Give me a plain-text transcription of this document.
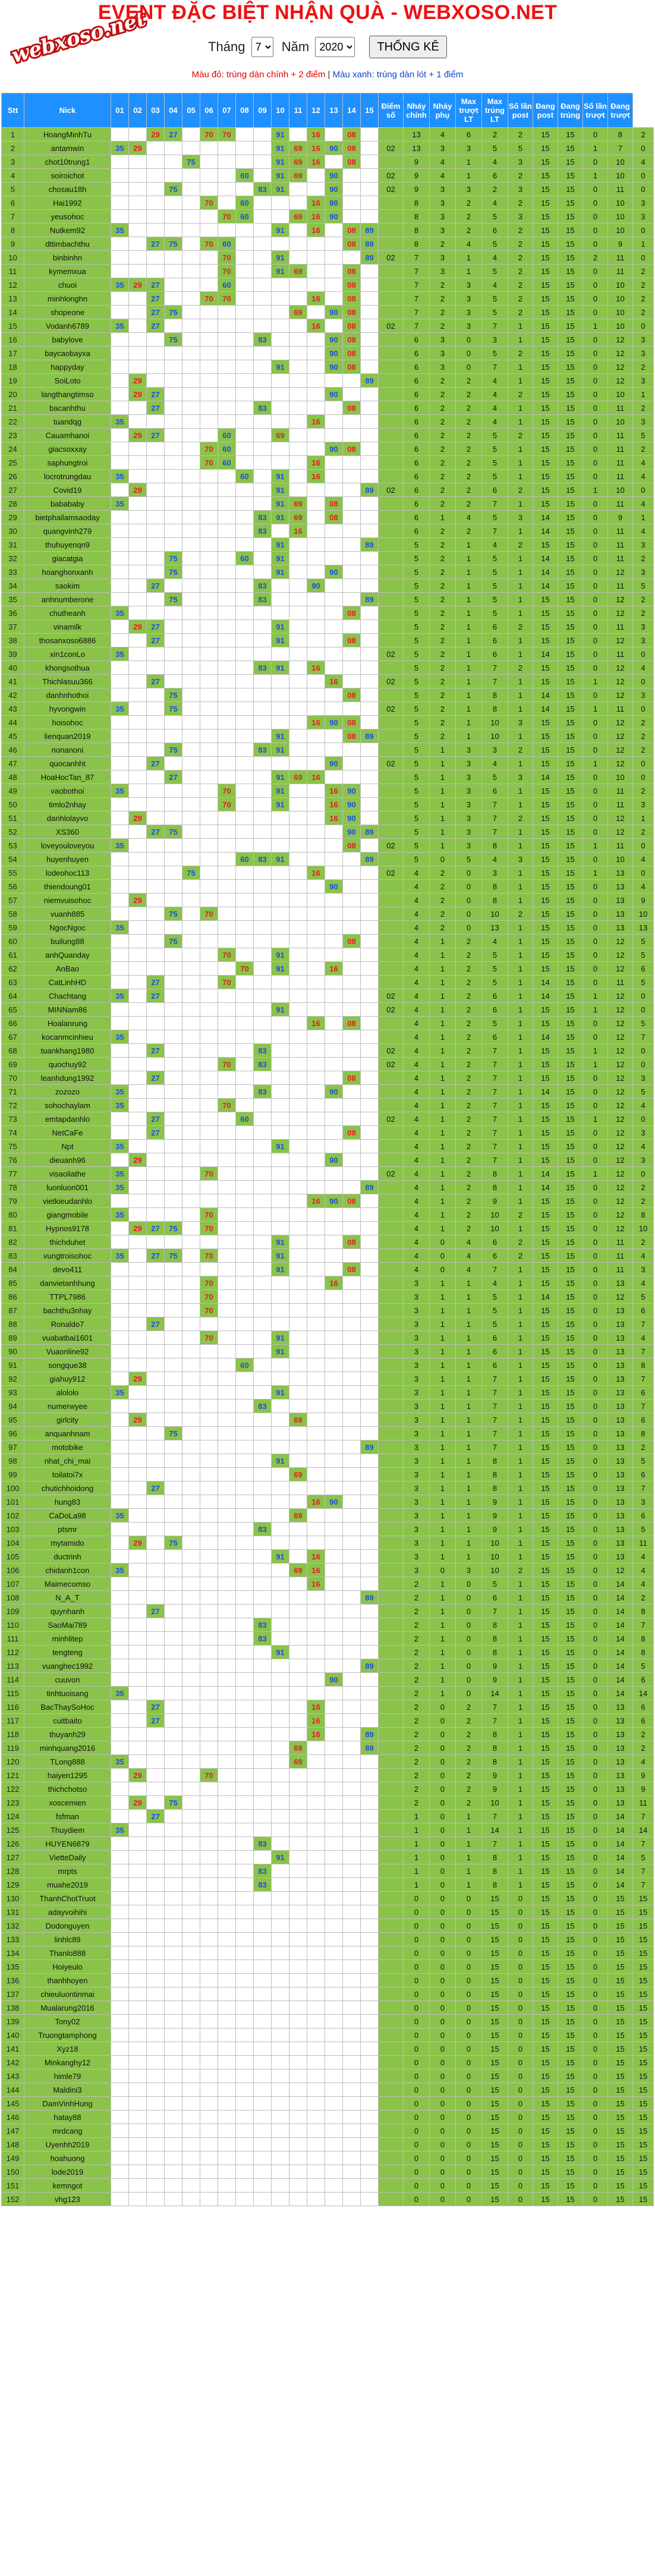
webxoso.net
EVENT ĐẶC BIỆT NHẬN QUÀ - WEBXOSO.NET
Tháng
7	Năm
2020	THỐNG KÊ
Màu đỏ: trúng dàn chính + 2 điểm | Màu xanh: trúng dàn lót + 1 điểm
Stt	Nick	01	02	03	04	05	06	07	08	09	10	11	12	13	14	15	Điểm số	Nháy chính	Nháy phụ	Max trượt LT	Max trúng LT	Số lần post	Đang post	Đang trúng	Số lần trượt	Đang trượt	
1	HoangMinhTu			29	27		70	70			91		16		08			13	4	6	2	2	15	15	0	8	2
2	antamwin	35	29								91	69	16	90	08		02	13	3	3	5	5	15	15	1	7	0
3	chot10trung1					75					91	69	16		08			9	4	1	4	3	15	15	0	10	4
4	soiroichot								60		91	69		90			02	9	4	1	6	2	15	15	1	10	0
5	chosau18h				75					83	91			90			02	9	3	3	2	3	15	15	0	11	0
6	Hai1992						70		60				16	90				8	3	2	4	2	15	15	0	10	3
7	yeusohoc							70	60			69	16	90				8	3	2	5	3	15	15	0	10	3
8	Nutkem92	35									91		16		08	89		8	3	2	6	2	15	15	0	10	0
9	dttimbachthu			27	75		70	60							08	89		8	2	4	5	2	15	15	0	9	1
10	binbinhn							70			91					89	02	7	3	1	4	2	15	15	2	11	0
11	kymemxua							70			91	69			08			7	3	1	5	2	15	15	0	11	2
12	chuoi	35	29	27				60							08			7	2	3	4	2	15	15	0	10	2
13	minhlonghn			27			70	70					16		08			7	2	3	5	2	15	15	0	10	2
14	shopeone			27	75							69		90	08			7	2	3	5	2	15	15	0	10	2
15	Vodanh6789	35		27									16		08		02	7	2	3	7	1	15	15	1	10	0
16	babylove				75					83				90	08			6	3	0	3	1	15	15	0	12	3
17	baycaobayxa													90	08			6	3	0	5	2	15	15	0	12	3
18	happyday										91			90	08			6	3	0	7	1	15	15	0	12	2
19	SoiLoto		29													89		6	2	2	4	1	15	15	0	12	3
20	langthangtimso		29	27										90				6	2	2	4	2	15	15	0	10	1
21	bacanhthu			27						83					08			6	2	2	4	1	15	15	0	11	2
22	tuandqg	35											16					6	2	2	4	1	15	15	0	10	3
23	Cauamhanoi		29	27				60			69							6	2	2	5	2	15	15	0	11	5
24	giacsoxxay						70	60						90	08			6	2	2	5	1	15	15	0	11	2
25	saphungtroi						70	60					16					6	2	2	5	1	15	15	0	11	4
26	locrotrungdau	35							60		91		16					6	2	2	5	1	15	15	0	11	4
27	Covid19		29								91					89	02	6	2	2	6	2	15	15	1	10	0
28	babababy	35									91	69		08				6	2	2	7	1	15	15	0	11	4
29	bietphailamsaoday									83	91	69		08				6	1	4	5	3	14	15	0	9	1
30	quangvinh279									83		16						6	2	2	7	1	14	15	0	11	4
31	thuhuyenqn9										91					89		5	2	1	4	2	15	15	0	11	3
32	giacatgia				75				60		91							5	2	1	5	1	14	15	0	11	2
33	hoanghonxanh				75						91			90				5	2	1	5	1	14	15	0	12	3
34	saokim			27						83			90					5	2	1	5	1	14	15	0	11	5
35	anhnumberone				75					83						89		5	2	1	5	1	15	15	0	12	2
36	chutheanh	35													08			5	2	1	5	1	15	15	0	12	2
37	vinamilk		29	27							91							5	2	1	6	2	15	15	0	11	3
38	thosanxoso6886			27							91				08			5	2	1	6	1	15	15	0	12	3
39	xin1conLo	35															02	5	2	1	6	1	14	15	0	11	0
40	khongsothua									83	91		16					5	2	1	7	2	15	15	0	12	4
41	Thichlasuu366			27										16			02	5	2	1	7	1	15	15	1	12	0
42	danhnhothoi				75										08			5	2	1	8	1	14	15	0	12	3
43	hyvongwin	35			75												02	5	2	1	8	1	14	15	1	11	0
44	hoisohoc												16	90	08			5	2	1	10	3	15	15	0	12	2
45	lienquan2019										91				08	89		5	2	1	10	1	15	15	0	12	2
46	nonanoni				75					83	91							5	1	3	3	2	15	15	0	12	2
47	quocanhht			27										90			02	5	1	3	4	1	15	15	1	12	0
48	HoaHocTan_87				27						91	69	16					5	1	3	5	3	14	15	0	10	0
49	vaobothoi	35						70			91			16	90			5	1	3	6	1	15	15	0	11	2
50	timlo2nhay							70			91			16	90			5	1	3	7	1	15	15	0	11	3
51	danhlolayvo		29											16	90			5	1	3	7	2	15	15	0	12	1
52	XS360			27	75										90	89		5	1	3	7	1	15	15	0	12	2
53	loveyouloveyou	35													08		02	5	1	3	8	1	15	15	1	11	0
54	huyenhuyen								60	83	91					89		5	0	5	4	3	15	15	0	10	4
55	lodeohoc113					75							16				02	4	2	0	3	1	15	15	1	13	0
56	thiendoung01													90				4	2	0	8	1	15	15	0	13	4
57	niemvuisohoc		29															4	2	0	8	1	15	15	0	13	9
58	vuanh885				75		70											4	2	0	10	2	15	15	0	13	10
59	NgocNgoc	35																4	2	0	13	1	15	15	0	13	13
60	builung88				75										08			4	1	2	4	1	15	15	0	12	5
61	anhQuanday							70			91							4	1	2	5	1	15	15	0	12	5
62	AnBao								70		91			16				4	1	2	5	1	15	15	0	12	6
63	CatLinhHD			27				70										4	1	2	5	1	14	15	0	11	5
64	Chachtang	35		27													02	4	1	2	6	1	14	15	1	12	0
65	MINNam86										91						02	4	1	2	6	1	15	15	1	12	0
66	Hoalanrung												16		08			4	1	2	5	1	15	15	0	12	5
67	kocanmcinhieu	35																4	1	2	6	1	14	15	0	12	7
68	tuankhang1980			27						83							02	4	1	2	7	1	15	15	1	12	0
69	quochuy92							70		83							02	4	1	2	7	1	15	15	1	12	0
70	leanhdung1992			27											08			4	1	2	7	1	15	15	0	12	3
71	zozozo	35								83				90				4	1	2	7	1	14	15	0	12	5
72	sohochaylam	35						70										4	1	2	7	1	15	15	0	12	4
73	emtapdanhlo			27					60								02	4	1	2	7	1	15	15	1	12	0
74	NetCaFe			27											08			4	1	2	7	1	15	15	0	12	3
75	Npt	35									91							4	1	2	7	1	15	15	0	12	4
76	dieuanh96		29											90				4	1	2	7	1	15	15	0	12	3
77	visaoliathe	35					70										02	4	1	2	8	1	14	15	1	12	0
78	luonluon001	35														89		4	1	2	8	1	14	15	0	12	2
79	vietkieudanhlo												16	90	08			4	1	2	9	1	15	15	0	12	2
80	giangmobile	35					70											4	1	2	10	2	15	15	0	12	8
81	Hypnos9178		29	27	75		70											4	1	2	10	1	15	15	0	12	10
82	thichduhet										91				08			4	0	4	6	2	15	15	0	11	2
83	vungtroisohoc	35		27	75		70				91							4	0	4	6	2	15	15	0	11	4
84	devo411										91				08			4	0	4	7	1	15	15	0	11	3
85	danvietanhhung						70							16				3	1	1	4	1	15	15	0	13	4
86	TTPL7986						70											3	1	1	5	1	14	15	0	12	5
87	bachthu3nhay						70											3	1	1	5	1	15	15	0	13	6
88	Ronaldo7			27														3	1	1	5	1	15	15	0	13	7
89	vuabatbai1601						70				91							3	1	1	6	1	15	15	0	13	4
90	Vuaonline92										91							3	1	1	6	1	15	15	0	13	7
91	songque38								60									3	1	1	6	1	15	15	0	13	8
92	giahuy912		29															3	1	1	7	1	15	15	0	13	7
93	alololo	35									91							3	1	1	7	1	15	15	0	13	6
94	numerwyee									83								3	1	1	7	1	15	15	0	13	7
95	girlcity		29									69						3	1	1	7	1	15	15	0	13	6
96	anquanhnam				75													3	1	1	7	1	15	15	0	13	8
97	motobike															89		3	1	1	7	1	15	15	0	13	2
98	nhat_chi_mai										91							3	1	1	8	1	15	15	0	13	5
99	toilatoi7x											69						3	1	1	8	1	15	15	0	13	6
100	chutichhoidong			27														3	1	1	8	1	15	15	0	13	7
101	hung83												16	90				3	1	1	9	1	15	15	0	13	3
102	CaDoLa98	35										69						3	1	1	9	1	15	15	0	13	6
103	ptsmr									83								3	1	1	9	1	15	15	0	13	5
104	mytamido		29		75													3	1	1	10	1	15	15	0	13	11
105	ductrinh										91		16					3	1	1	10	1	15	15	0	13	4
106	chidanh1con	35										69	16					3	0	3	10	2	15	15	0	12	4
107	Maimecomso												16					2	1	0	5	1	15	15	0	14	4
108	N_A_T															89		2	1	0	6	1	15	15	0	14	2
109	quynhanh			27														2	1	0	7	1	15	15	0	14	8
110	SaoMai789									83								2	1	0	8	1	15	15	0	14	7
111	minhlitep									83								2	1	0	8	1	15	15	0	14	8
112	tengteng										91							2	1	0	8	1	15	15	0	14	8
113	vuanghec1992															89		2	1	0	9	1	15	15	0	14	5
114	cuuvon													90				2	1	0	9	1	15	15	0	14	6
115	tinhtuoisang	35																2	1	0	14	1	15	15	0	14	14
116	BacThaySoHoc			27									16					2	0	2	7	1	15	15	0	13	6
117	cuitbaito			27									16					2	0	2	7	1	15	15	0	13	6
118	thuyanh29												16			89		2	0	2	8	1	15	15	0	13	2
119	minhquang2016											69				89		2	0	2	8	1	15	15	0	13	2
120	TLong888	35										69						2	0	2	8	1	15	15	0	13	4
121	haiyen1295		29				70											2	0	2	9	1	15	15	0	13	9
122	thichchotso																	2	0	2	9	1	15	15	0	13	9
123	xoscemien		29		75													2	0	2	10	1	15	15	0	13	11
124	fsfman			27														1	0	1	7	1	15	15	0	14	7
125	Thuydiem	35																1	0	1	14	1	15	15	0	14	14
126	HUYEN6879									83								1	0	1	7	1	15	15	0	14	7
127	VietteDaily										91							1	0	1	8	1	15	15	0	14	5
128	mrpts									83								1	0	1	8	1	15	15	0	14	7
129	muahe2019									83								1	0	1	8	1	15	15	0	14	7
130	ThanhChotTruot																	0	0	0	15	0	15	15	0	15	15
131	adayvoihihi																	0	0	0	15	0	15	15	0	15	15
132	Dodonguyen																	0	0	0	15	0	15	15	0	15	15
133	linhlc89																	0	0	0	15	0	15	15	0	15	15
134	Thanlo888																	0	0	0	15	0	15	15	0	15	15
135	Hoiyeulo																	0	0	0	15	0	15	15	0	15	15
136	thanhhoyen																	0	0	0	15	0	15	15	0	15	15
137	chieuluontinmai																	0	0	0	15	0	15	15	0	15	15
138	Mualarung2016																	0	0	0	15	0	15	15	0	15	15
139	Tony02																	0	0	0	15	0	15	15	0	15	15
140	Truongtamphong																	0	0	0	15	0	15	15	0	15	15
141	Xyz18																	0	0	0	15	0	15	15	0	15	15
142	Minkanghy12																	0	0	0	15	0	15	15	0	15	15
143	himle79																	0	0	0	15	0	15	15	0	15	15
144	Maldini3																	0	0	0	15	0	15	15	0	15	15
145	DamVinhHung																	0	0	0	15	0	15	15	0	15	15
146	hatay88																	0	0	0	15	0	15	15	0	15	15
147	mrdcang																	0	0	0	15	0	15	15	0	15	15
148	Uyenhh2019																	0	0	0	15	0	15	15	0	15	15
149	hoahuong																	0	0	0	15	0	15	15	0	15	15
150	lode2019																	0	0	0	15	0	15	15	0	15	15
151	kemngot																	0	0	0	15	0	15	15	0	15	15
152	vhg123																	0	0	0	15	0	15	15	0	15	15
